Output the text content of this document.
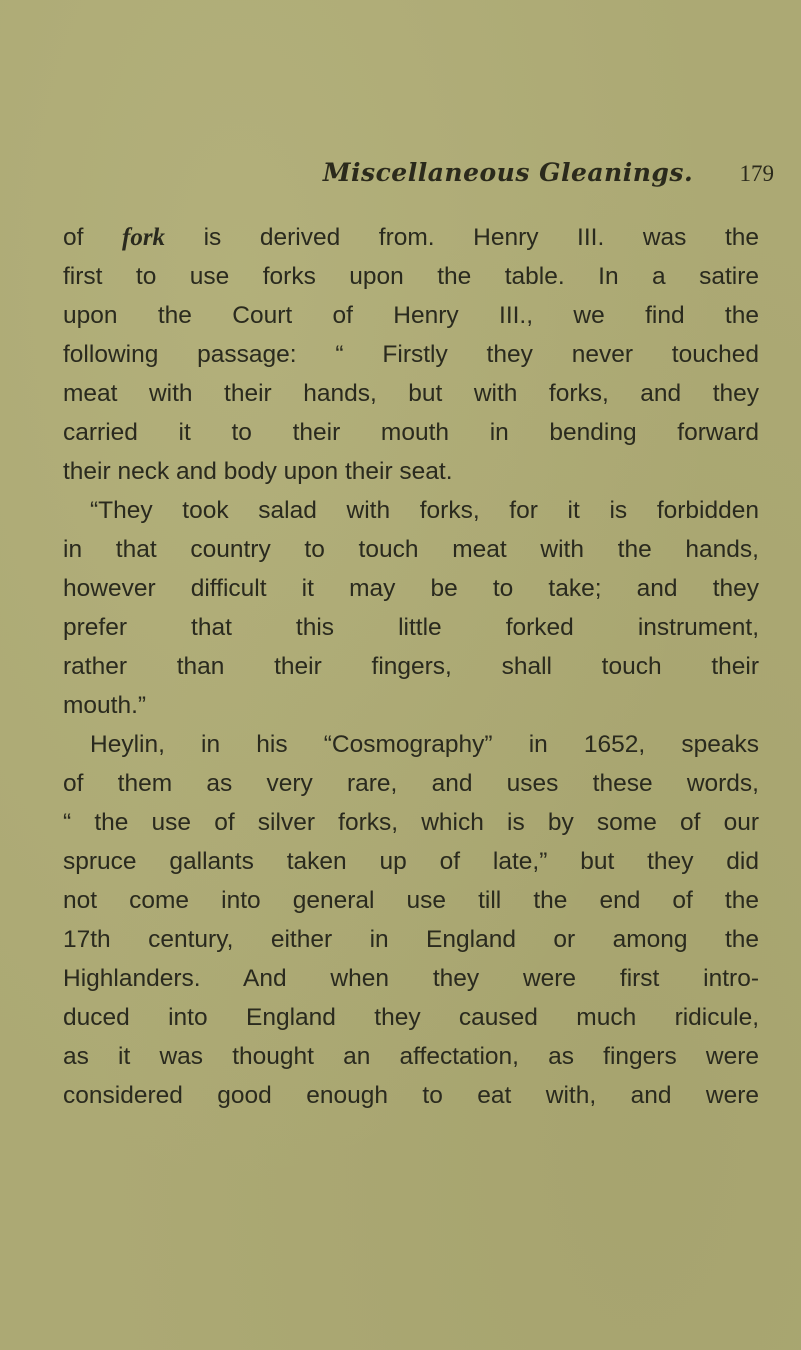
Miscellaneous Gleanings. 179
of fork is derived from. Henry III. was the
first to use forks upon the table. In a satire
upon the Court of Henry III., we find the
following passage: “ Firstly they never touched
meat with their hands, but with forks, and they
carried it to their mouth in bending forward
their neck and body upon their seat.
“They took salad with forks, for it is forbidden
in that country to touch meat with the hands,
however difficult it may be to take; and they
prefer that this little forked instrument,
rather than their fingers, shall touch their
mouth.”
Heylin, in his “Cosmography” in 1652, speaks
of them as very rare, and uses these words,
“ the use of silver forks, which is by some of our
spruce gallants taken up of late,” but they did
not come into general use till the end of the
17th century, either in England or among the
Highlanders. And when they were first intro-
duced into England they caused much ridicule,
as it was thought an affectation, as fingers were
considered good enough to eat with, and were
